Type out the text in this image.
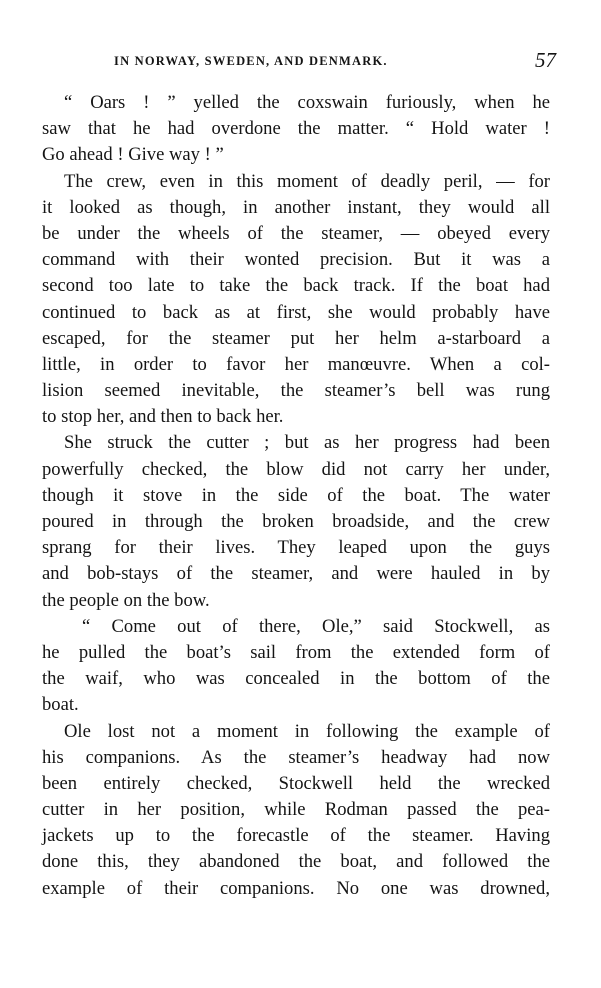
IN NORWAY, SWEDEN, AND DENMARK.	57
“ Oars ! ” yelled the coxswain furiously, when he
saw that he had overdone the matter. “ Hold water !
Go ahead ! Give way ! ”
The crew, even in this moment of deadly peril, — for
it looked as though, in another instant, they would all
be under the wheels of the steamer, — obeyed every
command with their wonted precision. But it was a
second too late to take the back track. If the boat had
continued to back as at first, she would probably have
escaped, for the steamer put her helm a-starboard a
little, in order to favor her manœuvre. When a col-
lision seemed inevitable, the steamer’s bell was rung
to stop her, and then to back her.
She struck the cutter ; but as her progress had been
powerfully checked, the blow did not carry her under,
though it stove in the side of the boat. The water
poured in through the broken broadside, and the crew
sprang for their lives. They leaped upon the guys
and bob-stays of the steamer, and were hauled in by
the people on the bow.
“ Come out of there, Ole,” said Stockwell, as
he pulled the boat’s sail from the extended form of
the waif, who was concealed in the bottom of the
boat.
Ole lost not a moment in following the example of
his companions. As the steamer’s headway had now
been entirely checked, Stockwell held the wrecked
cutter in her position, while Rodman passed the pea-
jackets up to the forecastle of the steamer. Having
done this, they abandoned the boat, and followed the
example of their companions. No one was drowned,
